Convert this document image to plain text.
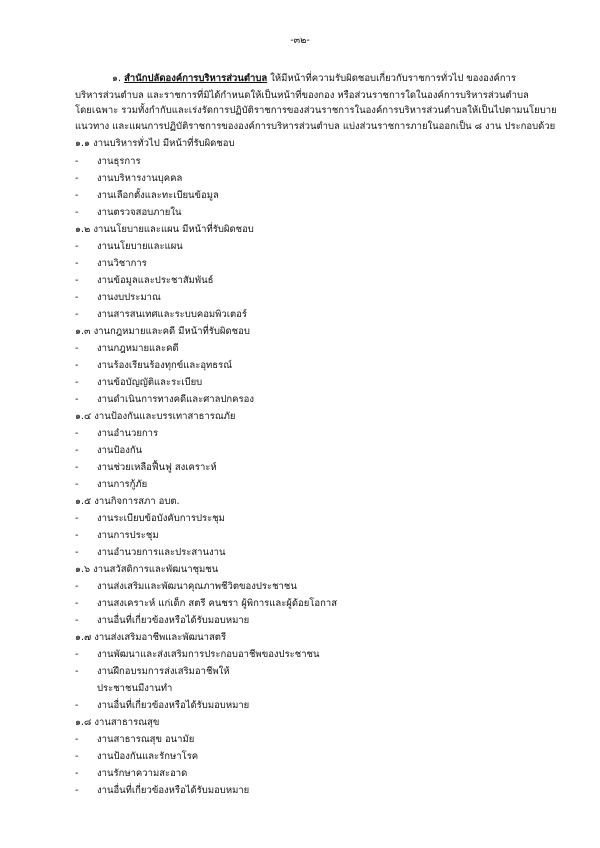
-๓๒-
๑. สำนักปลัดองค์การบริหารส่วนตำบล ให้มีหน้าที่ความรับผิดชอบเกี่ยวกับราชการทั่วไป ขององค์การ
บริหารส่วนตำบล และราชการที่มิได้กำหนดให้เป็นหน้าที่ของกอง หรือส่วนราชการใดในองค์การบริหารส่วนตำบล
โดยเฉพาะ รวมทั้งกำกับและเร่งรัดการปฏิบัติราชการของส่วนราชการในองค์การบริหารส่วนตำบลให้เป็นไปตามนโยบาย
แนวทาง และแผนการปฏิบัติราชการขององค์การบริหารส่วนตำบล แบ่งส่วนราชการภายในออกเป็น ๘ งาน ประกอบด้วย
๑.๑ งานบริหารทั่วไป มีหน้าที่รับผิดชอบ
- งานธุรการ
- งานบริหารงานบุคคล
- งานเลือกตั้งและทะเบียนข้อมูล
- งานตรวจสอบภายใน
๑.๒ งานนโยบายและแผน มีหน้าที่รับผิดชอบ
- งานนโยบายและแผน
- งานวิชาการ
- งานข้อมูลและประชาสัมพันธ์
- งานงบประมาณ
- งานสารสนเทศและระบบคอมพิวเตอร์
๑.๓ งานกฎหมายและคดี มีหน้าที่รับผิดชอบ
- งานกฎหมายและคดี
- งานร้องเรียนร้องทุกข์และอุทธรณ์
- งานข้อบัญญัติและระเบียบ
- งานดำเนินการทางคดีและศาลปกครอง
๑.๔ งานป้องกันและบรรเทาสาธารณภัย
- งานอำนวยการ
- งานป้องกัน
- งานช่วยเหลือฟื้นฟู สงเคราะห์
- งานการกู้ภัย
๑.๕ งานกิจการสภา อบต.
- งานระเบียบข้อบังคับการประชุม
- งานการประชุม
- งานอำนวยการและประสานงาน
๑.๖ งานสวัสดิการและพัฒนาชุมชน
- งานส่งเสริมและพัฒนาคุณภาพชีวิตของประชาชน
- งานสงเคราะห์ แก่เด็ก สตรี คนชรา ผู้พิการและผู้ด้อยโอกาส
- งานอื่นที่เกี่ยวข้องหรือได้รับมอบหมาย
๑.๗ งานส่งเสริมอาชีพและพัฒนาสตรี
- งานพัฒนาและส่งเสริมการประกอบอาชีพของประชาชน
- งานฝึกอบรมการส่งเสริมอาชีพให้
ประชาชนมีงานทำ
- งานอื่นที่เกี่ยวข้องหรือได้รับมอบหมาย
๑.๘ งานสาธารณสุข
- งานสาธารณสุข อนามัย
- งานป้องกันและรักษาโรค
- งานรักษาความสะอาด
- งานอื่นที่เกี่ยวข้องหรือได้รับมอบหมาย
